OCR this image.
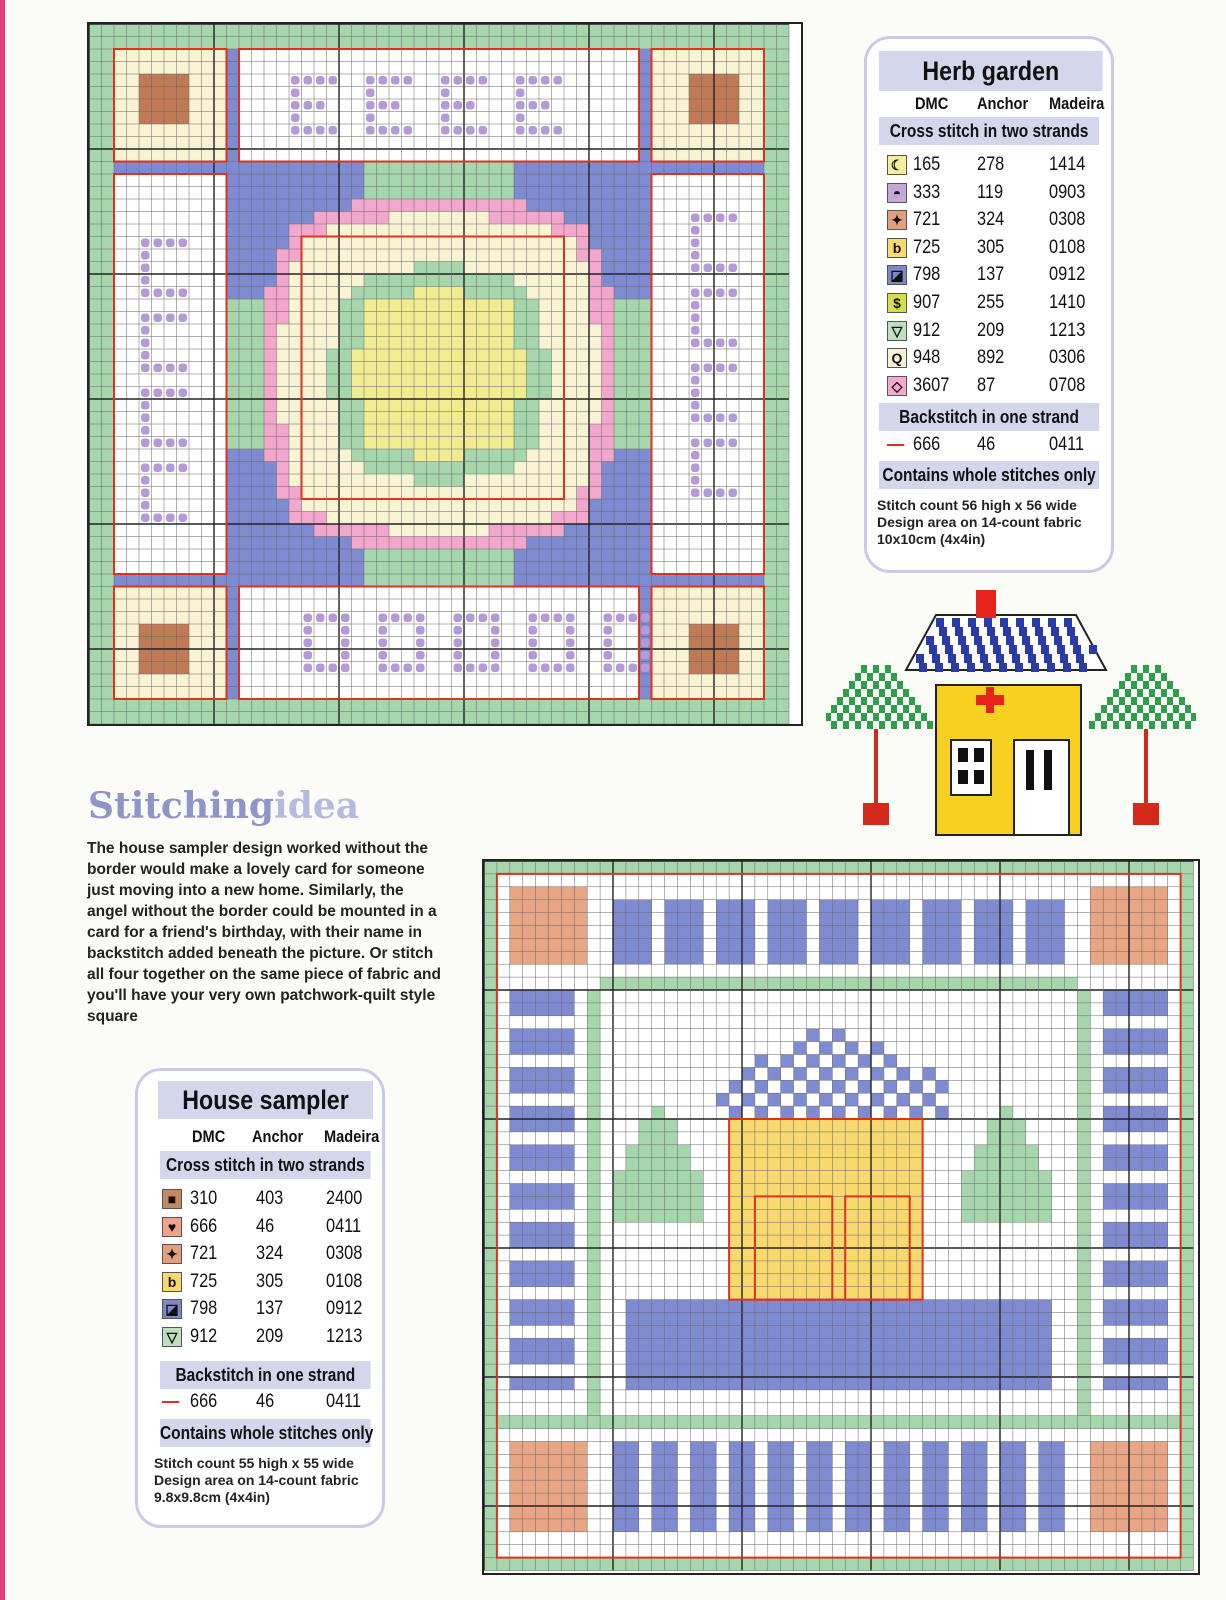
Herb garden
DMC Anchor Madeira
Cross stitch in two strands
☾ 165 278 1414
◓ 333 119 0903
✦ 721 324 0308
b 725 305 0108
◪ 798 137 0912
$ 907 255 1410
▽ 912 209 1213
Q 948 892 0306
◇ 3607 87	0708
Backstitch in one strand
666 46	0411
Contains whole stitches only
Stitch count 56 high x 56 wide
Design area on 14-count fabric
10x10cm (4x4in)
Stitchingidea
The house sampler design worked without the border would make a lovely card for someone just moving into a new home. Similarly, the angel without the border could be mounted in a card for a friend's birthday, with their name in backstitch added beneath the picture. Or stitch all four together on the same piece of fabric and you'll have your very own patchwork-quilt style square
House sampler
DMC Anchor Madeira
Cross stitch in two strands
■ 310 403 2400
♥ 666 46	0411
✦ 721 324 0308
b 725 305 0108
◪ 798 137 0912
▽ 912 209 1213
Backstitch in one strand
666 46	0411
Contains whole stitches only
Stitch count 55 high x 55 wide
Design area on 14-count fabric
9.8x9.8cm (4x4in)
